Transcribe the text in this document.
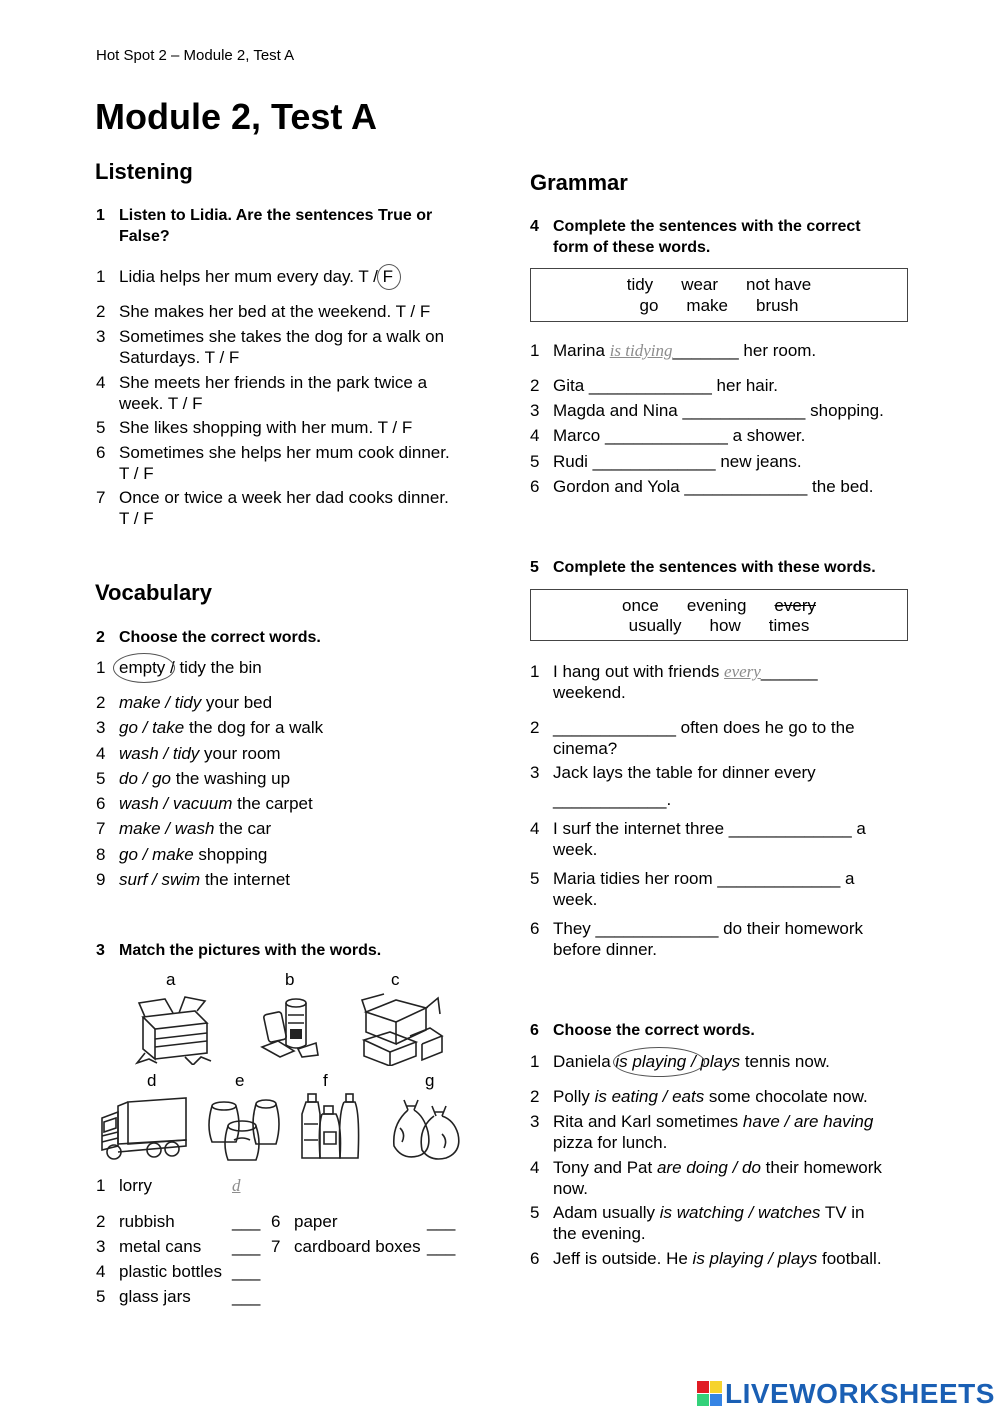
Hot Spot 2 – Module 2, Test A
Module 2, Test A
Listening
1 Listen to Lidia. Are the sentences True or
False?
1 Lidia helps her mum every day. T / F
2 She makes her bed at the weekend. T / F
3 Sometimes she takes the dog for a walk on
Saturdays. T / F
4 She meets her friends in the park twice a
week. T / F
5 She likes shopping with her mum. T / F
6 Sometimes she helps her mum cook dinner.
T / F
7 Once or twice a week her dad cooks dinner.
T / F
Vocabulary
2 Choose the correct words.
1 empty / tidy the bin
2 make / tidy your bed
3 go / take the dog for a walk
4 wash / tidy your room
5 do / go the washing up
6 wash / vacuum the carpet
7 make / wash the car
8 go / make shopping
9 surf / swim the internet
3 Match the pictures with the words.
a	b	c
d	e	f	g
1 lorry	d
2 rubbish	___
3 metal cans ___
4 plastic bottles ___
5 glass jars ___
6 paper	___
7 cardboard boxes ___
Grammar
4 Complete the sentences with the correct
form of these words.
tidy wear not have
go make brush
1 Marina is tidying_______ her room.
2 Gita _____________ her hair.
3 Magda and Nina _____________ shopping.
4 Marco _____________ a shower.
5 Rudi _____________ new jeans.
6 Gordon and Yola _____________ the bed.
5 Complete the sentences with these words.
once evening every
usually how times
1 I hang out with friends every______
weekend.
2 _____________ often does he go to the
cinema?
3 Jack lays the table for dinner every
____________.
4 I surf the internet three _____________ a
week.
5 Maria tidies her room _____________ a
week.
6 They _____________ do their homework
before dinner.
6 Choose the correct words.
1 Daniela is playing / plays tennis now.
2 Polly is eating / eats some chocolate now.
3 Rita and Karl sometimes have / are having
pizza for lunch.
4 Tony and Pat are doing / do their homework
now.
5 Adam usually is watching / watches TV in
the evening.
6 Jeff is outside. He is playing / plays football.
LIVEWORKSHEETS
